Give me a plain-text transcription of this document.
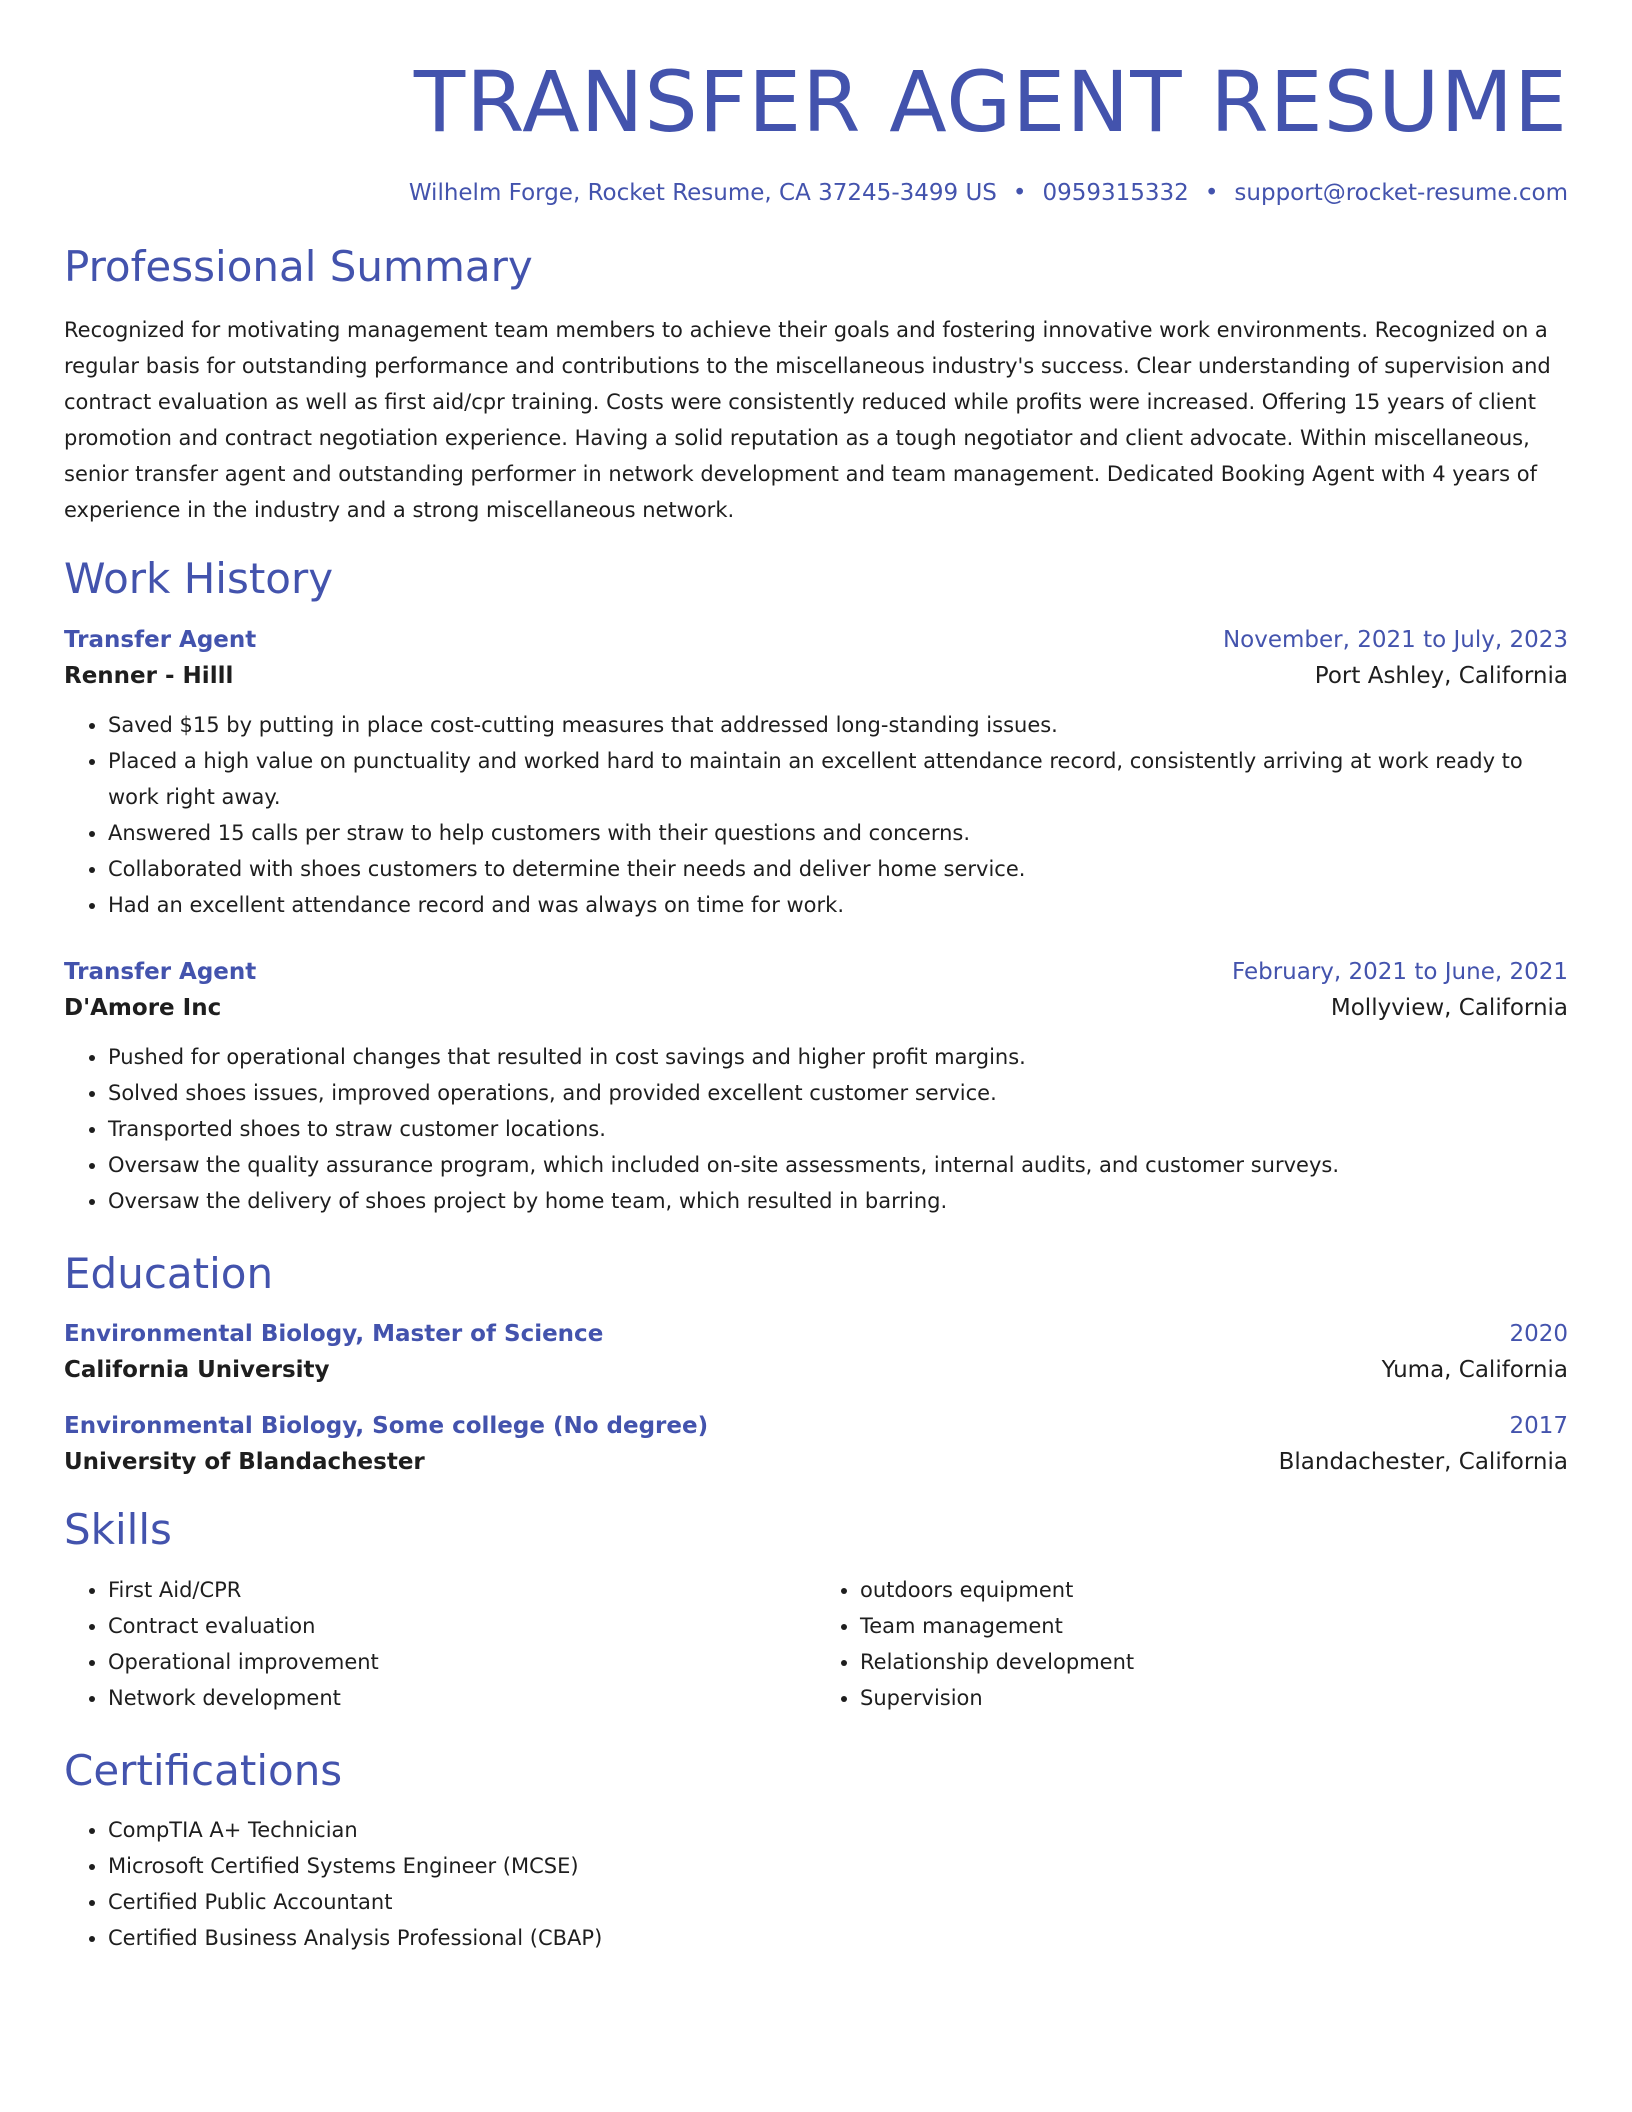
TRANSFER AGENT RESUME
Wilhelm Forge, Rocket Resume, CA 37245-3499 US • 0959315332 • support@rocket-resume.com
Professional Summary

Recognized for motivating management team members to achieve their goals and fostering innovative work environments. Recognized on a regular basis for outstanding performance and contributions to the miscellaneous industry's success. Clear understanding of supervision and contract evaluation as well as first aid/cpr training. Costs were consistently reduced while profits were increased. Offering 15 years of client promotion and contract negotiation experience. Having a solid reputation as a tough negotiator and client advocate. Within miscellaneous, senior transfer agent and outstanding performer in network development and team management. Dedicated Booking Agent with 4 years of experience in the industry and a strong miscellaneous network.

Work History
Transfer Agent	November, 2021 to July, 2023
Renner - Hilll	Port Ashley, California
• Saved $15 by putting in place cost-cutting measures that addressed long-standing issues.
• Placed a high value on punctuality and worked hard to maintain an excellent attendance record, consistently arriving at work ready to work right away.
• Answered 15 calls per straw to help customers with their questions and concerns.
• Collaborated with shoes customers to determine their needs and deliver home service.
• Had an excellent attendance record and was always on time for work.
Transfer Agent	February, 2021 to June, 2021
D'Amore Inc	Mollyview, California
• Pushed for operational changes that resulted in cost savings and higher profit margins.
• Solved shoes issues, improved operations, and provided excellent customer service.
• Transported shoes to straw customer locations.
• Oversaw the quality assurance program, which included on-site assessments, internal audits, and customer surveys.
• Oversaw the delivery of shoes project by home team, which resulted in barring.
Education
Environmental Biology, Master of Science	2020
California University	Yuma, California
Environmental Biology, Some college (No degree)	2017
University of Blandachester	Blandachester, California
Skills
• First Aid/CPR
• Contract evaluation
• Operational improvement
• Network development
• outdoors equipment
• Team management
• Relationship development
• Supervision
Certifications
• CompTIA A+ Technician
• Microsoft Certified Systems Engineer (MCSE)
• Certified Public Accountant
• Certified Business Analysis Professional (CBAP)
